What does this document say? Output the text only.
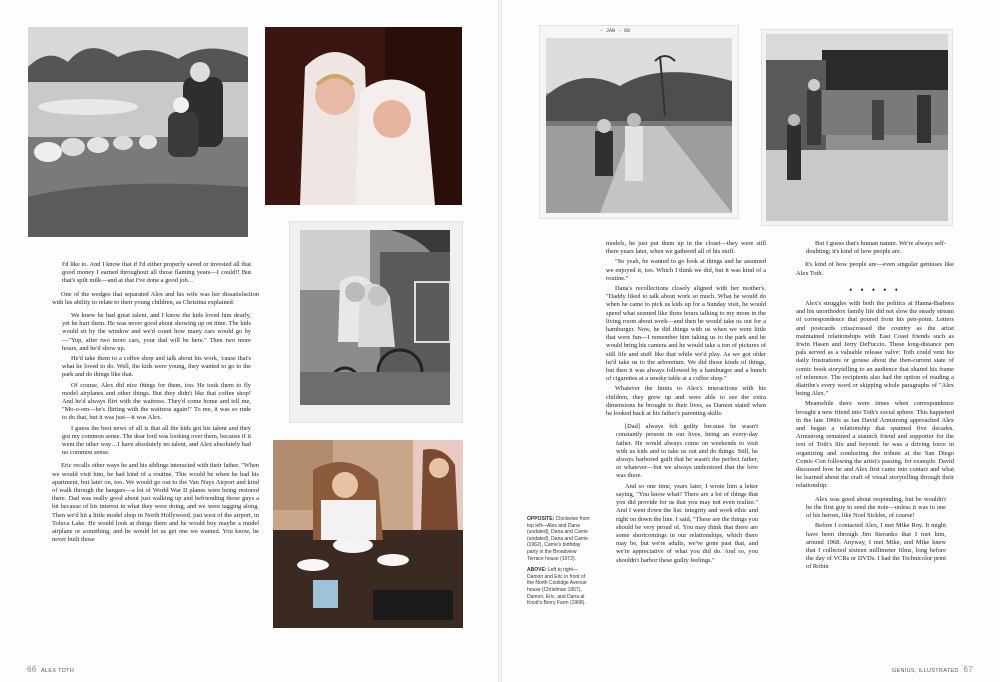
I'd like to. And I know that if I'd either properly saved or invested all that good money I earned throughout all those flaming years—I could!! But that's spilt milk—and at that I've done a good job…

One of the wedges that separated Alex and his wife was her dissatisfaction with his ability to relate to their young children, as Christina explained:

We knew he had great talent, and I know the kids loved him dearly, yet he hurt them. He was never good about showing up on time. The kids would sit by the window and we'd count how many cars would go by—"Yup, after two more cars, your dad will be here." Then two more hours, and he'd show up.

He'd take them to a coffee shop and talk about his work, 'cause that's what he loved to do. Well, the kids were young, they wanted to go to the park and do things like that.

Of course, Alex did nice things for them, too. He took them to fly model airplanes and other things. But they didn't like that coffee shop! And he'd always flirt with the waitress. They'd come home and tell me, "Mo-o-om—he's flirting with the waitress again!" To me, it was so rude to do that, but it was just—it was Alex.

I guess the best news of all is that all the kids got his talent and they got my common sense. The dear lord was looking over them, because if it went the other way…I have absolutely no talent, and Alex absolutely had no common sense.

Eric recalls other ways he and his siblings interacted with their father. "When we would visit him, he had kind of a routine. This would be when he had his apartment, but later on, too. We would go out to the Van Nuys Airport and kind of walk through the hangars—a lot of World War II planes were being restored there. Dad was really good about just walking up and befriending those guys a bit because of his interest in what they were doing, and we were tagging along. Then we'd hit a little model shop in North Hollywood, just west of the airport, in Toluca Lake. He would look at things there and he would buy maybe a model airplane or something, and he would let us get one we wanted. You know, he never built those

66 ALEX TOTH
· JAN · 68

OPPOSITE: Clockwise from top left—Alex and Dana (undated), Dana and Carrie (undated), Dana and Carrie (1962), Carrie's birthday party in the Broadview Terrace house (1972).

ABOVE: Left to right—Damon and Eric in front of the North Coolidge Avenue house (Christmas 1967), Damon, Eric, and Dana at Knott's Berry Farm (1968).

models, he just put them up in the closet—they were still there years later, when we gathered all of his stuff.

"So yeah, he wanted to go look at things and he assumed we enjoyed it, too. Which I think we did, but it was kind of a routine."

Dana's recollections closely aligned with her mother's. "Daddy liked to talk about work so much. What he would do when he came to pick us kids up for a Sunday visit, he would spend what seemed like three hours talking to my mom in the living room about work—and then he would take us out for a hamburger. Now, he did things with us when we were little that were fun—I remember him taking us to the park and he would bring his camera and he would take a ton of pictures of still life and stuff like that while we'd play. As we got older he'd take us to the arboretum. We did those kinds of things, but then it was always followed by a hamburger and a bunch of cigarettes at a smoky table at a coffee shop."

Whatever the limits to Alex's interactions with his children, they grew up and were able to see the extra dimensions he brought to their lives, as Damon stated when he looked back at his father's parenting skills:

[Dad] always felt guilty because he wasn't constantly present in our lives, being an every-day father. He would always come on weekends to visit with us kids and to take us out and do things. Still, he always harbored guilt that he wasn't the perfect father, or whatever—but we always understood that the love was there.

And so one time, years later, I wrote him a letter saying, "You know what? There are a lot of things that you did provide for us that you may not even realize." And I went down the list: integrity and work ethic and right on down the line. I said, "These are the things you should be very proud of. You may think that there are some shortcomings in our relationships, which there may be, but we're adults, we've gone past that, and we're appreciative of what you did do. And so, you shouldn't harbor these guilty feelings."

But I guess that's human nature. We're always self-doubting; it's kind of how people are.

It's kind of how people are—even singular geniuses like Alex Toth.

• • • • •

Alex's struggles with both the politics at Hanna-Barbera and his unorthodox family life did not slow the steady stream of correspondence that poured from his pen-point. Letters and postcards crisscrossed the country as the artist maintained relationships with East Coast friends such as Irwin Hasen and Jerry DeFuccio. These long-distance pen pals served as a valuable release valve: Toth could vent his daily frustrations or grouse about the then-current state of comic book storytelling to an audience that shared his frame of reference. The recipients also had the option of reading a diatribe's every word or skipping whole paragraphs of "Alex being Alex."

Meanwhile there were times when correspondence brought a new friend into Toth's social sphere. This happened in the late 1960s as fan David Armstrong approached Alex and began a relationship that spanned five decades. Armstrong remained a staunch friend and supporter for the rest of Toth's life and beyond: he was a driving force in organizing and conducting the tribute at the San Diego Comic-Con following the artist's passing, for example. David discussed how he and Alex first came into contact and what he learned about the craft of visual storytelling through their relationship:

Alex was good about responding, but he wouldn't be the first guy to send the note—unless it was to one of his heroes, like Noel Sickles, of course!

Before I contacted Alex, I met Mike Roy. It might have been through Jim Steranko that I met him, around 1968. Anyway, I met Mike, and Mike knew that I collected sixteen millimeter films, long before the day of VCRs or DVDs. I had the Technicolor print of Robin

GENIUS, ILLUSTRATED 67
